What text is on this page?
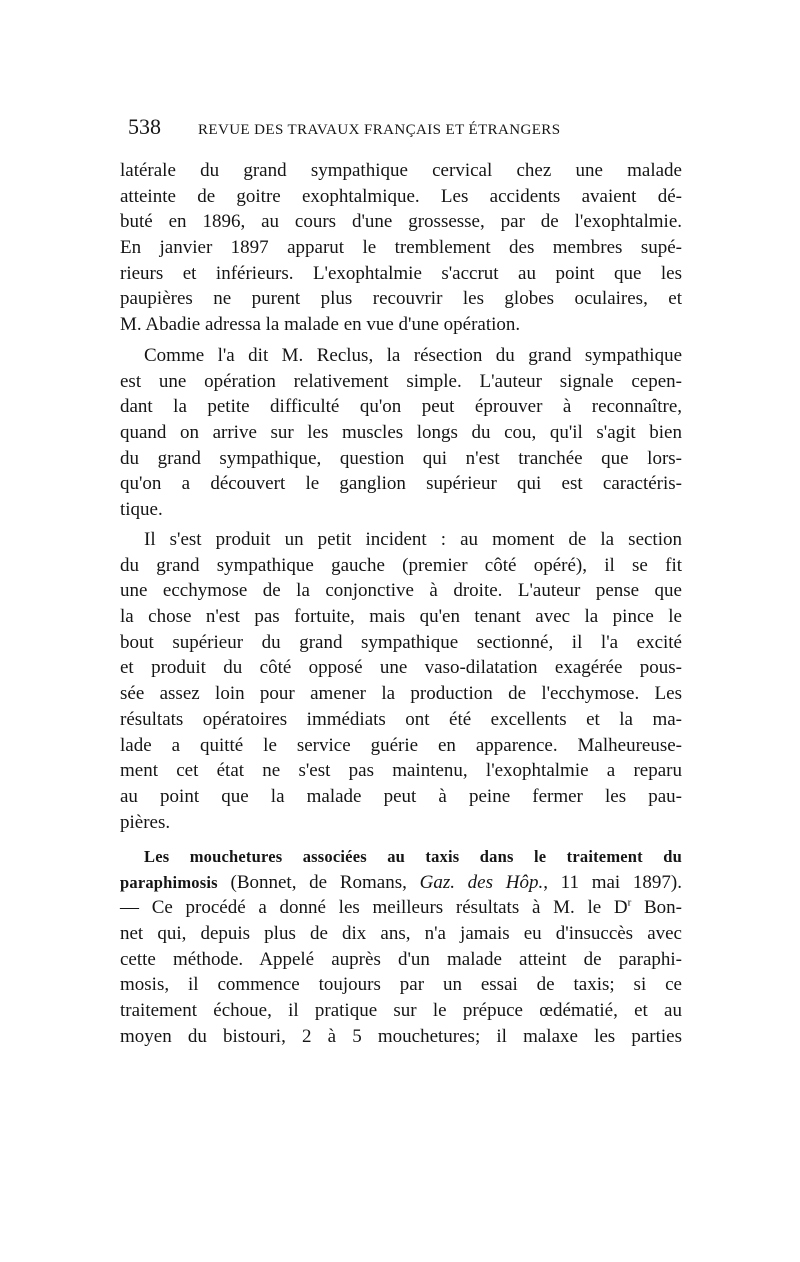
538 REVUE DES TRAVAUX FRANÇAIS ET ÉTRANGERS
latérale du grand sympathique cervical chez une malade
atteinte de goitre exophtalmique. Les accidents avaient dé-
buté en 1896, au cours d'une grossesse, par de l'exophtalmie.
En janvier 1897 apparut le tremblement des membres supé-
rieurs et inférieurs. L'exophtalmie s'accrut au point que les
paupières ne purent plus recouvrir les globes oculaires, et
M. Abadie adressa la malade en vue d'une opération.
Comme l'a dit M. Reclus, la résection du grand sympathique
est une opération relativement simple. L'auteur signale cepen-
dant la petite difficulté qu'on peut éprouver à reconnaître,
quand on arrive sur les muscles longs du cou, qu'il s'agit bien
du grand sympathique, question qui n'est tranchée que lors-
qu'on a découvert le ganglion supérieur qui est caractéris-
tique.
Il s'est produit un petit incident : au moment de la section
du grand sympathique gauche (premier côté opéré), il se fit
une ecchymose de la conjonctive à droite. L'auteur pense que
la chose n'est pas fortuite, mais qu'en tenant avec la pince le
bout supérieur du grand sympathique sectionné, il l'a excité
et produit du côté opposé une vaso-dilatation exagérée pous-
sée assez loin pour amener la production de l'ecchymose. Les
résultats opératoires immédiats ont été excellents et la ma-
lade a quitté le service guérie en apparence. Malheureuse-
ment cet état ne s'est pas maintenu, l'exophtalmie a reparu
au point que la malade peut à peine fermer les pau-
pières.
Les mouchetures associées au taxis dans le traitement du
paraphimosis (Bonnet, de Romans, Gaz. des Hôp., 11 mai 1897).
— Ce procédé a donné les meilleurs résultats à M. le $D^r$ Bon-
net qui, depuis plus de dix ans, n'a jamais eu d'insuccès avec
cette méthode. Appelé auprès d'un malade atteint de paraphi-
mosis, il commence toujours par un essai de taxis; si ce
traitement échoue, il pratique sur le prépuce œdématié, et au
moyen du bistouri, 2 à 5 mouchetures; il malaxe les parties
